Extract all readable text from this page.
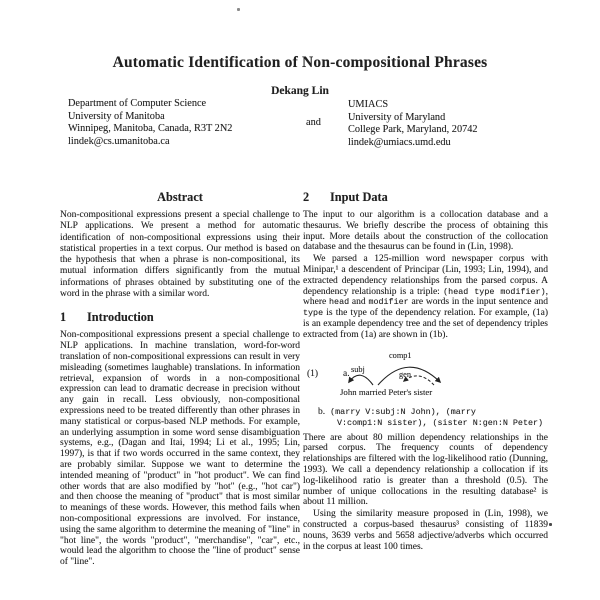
Automatic Identification of Non-compositional Phrases
Dekang Lin
Department of Computer Science
University of Manitoba
Winnipeg, Manitoba, Canada, R3T 2N2
lindek@cs.umanitoba.ca
and
UMIACS
University of Maryland
College Park, Maryland, 20742
lindek@umiacs.umd.edu
Abstract

Non-compositional expressions present a special challenge to NLP applications. We present a method for automatic identification of non-compositional expressions using their statistical properties in a text corpus. Our method is based on the hypothesis that when a phrase is non-compositional, its mutual information differs significantly from the mutual informations of phrases obtained by substituting one of the word in the phrase with a similar word.

1 Introduction

Non-compositional expressions present a special challenge to NLP applications. In machine translation, word-for-word translation of non-compositional expressions can result in very misleading (sometimes laughable) translations. In information retrieval, expansion of words in a non-compositional expression can lead to dramatic decrease in precision without any gain in recall. Less obviously, non-compositional expressions need to be treated differently than other phrases in many statistical or corpus-based NLP methods. For example, an underlying assumption in some word sense disambiguation systems, e.g., (Dagan and Itai, 1994; Li et al., 1995; Lin, 1997), is that if two words occurred in the same context, they are probably similar. Suppose we want to determine the intended meaning of "product" in "hot product". We can find other words that are also modified by "hot" (e.g., "hot car") and then choose the meaning of "product" that is most similar to meanings of these words. However, this method fails when non-compositional expressions are involved. For instance, using the same algorithm to determine the meaning of "line" in "hot line", the words "product", "merchandise", "car", etc., would lead the algorithm to choose the "line of product" sense of "line".

2 Input Data

The input to our algorithm is a collocation database and a thesaurus. We briefly describe the process of obtaining this input. More details about the construction of the collocation database and the thesaurus can be found in (Lin, 1998).

We parsed a 125-million word newspaper corpus with Minipar,¹ a descendent of Principar (Lin, 1993; Lin, 1994), and extracted dependency relationships from the parsed corpus. A dependency relationship is a triple: (head type modifier), where head and modifier are words in the input sentence and type is the type of the dependency relation. For example, (1a) is an example dependency tree and the set of dependency triples extracted from (1a) are shown in (1b).

(1)	a. subj
comp1
gen
John married Peter's sister
b. (marry V:subj:N John), (marry
V:comp1:N sister), (sister N:gen:N Peter)

There are about 80 million dependency relationships in the parsed corpus. The frequency counts of dependency relationships are filtered with the log-likelihood ratio (Dunning, 1993). We call a dependency relationship a collocation if its log-likelihood ratio is greater than a threshold (0.5). The number of unique collocations in the resulting database² is about 11 million.

Using the similarity measure proposed in (Lin, 1998), we constructed a corpus-based thesaurus³ consisting of 11839 nouns, 3639 verbs and 5658 adjective/adverbs which occurred in the corpus at least 100 times.
